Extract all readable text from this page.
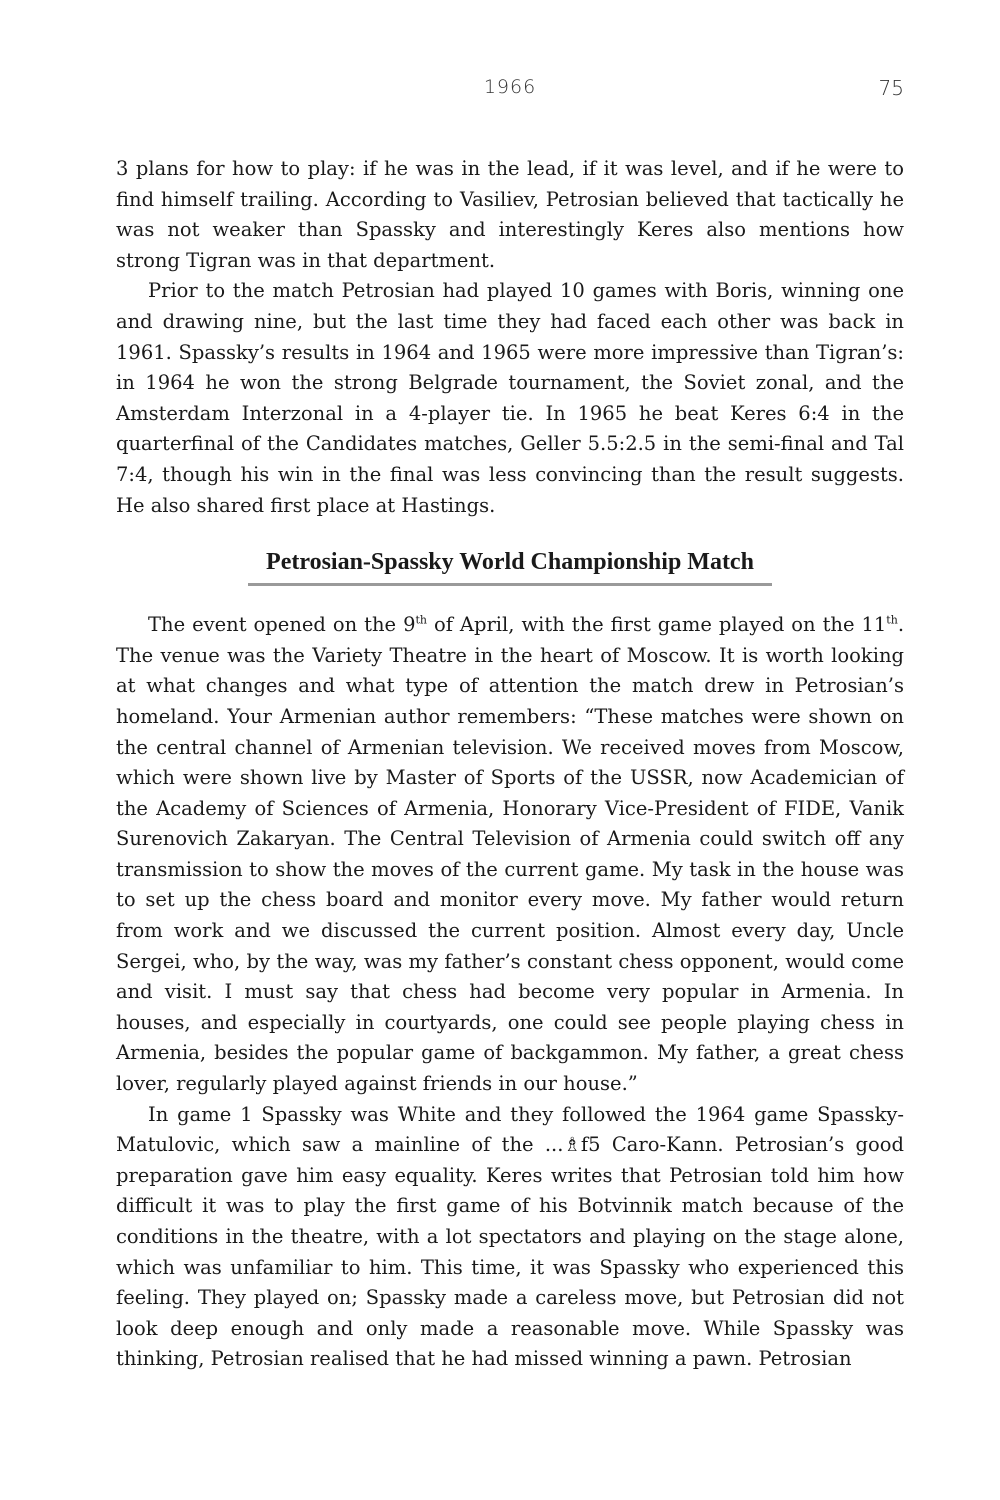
1966	75

3 plans for how to play: if he was in the lead, if it was level, and if he were to find himself trailing. According to Vasiliev, Petrosian believed that tactically he was not weaker than Spassky and interestingly Keres also mentions how strong Tigran was in that department.

Prior to the match Petrosian had played 10 games with Boris, winning one and drawing nine, but the last time they had faced each other was back in 1961. Spassky’s results in 1964 and 1965 were more impressive than Tigran’s: in 1964 he won the strong Belgrade tournament, the Soviet zonal, and the Amsterdam Interzonal in a 4-player tie. In 1965 he beat Keres 6:4 in the quarterfinal of the Candidates matches, Geller 5.5:2.5 in the semi-final and Tal 7:4, though his win in the final was less convincing than the result suggests. He also shared first place at Hastings.

Petrosian-Spassky World Championship Match

The event opened on the 9th of April, with the first game played on the 11th. The venue was the Variety Theatre in the heart of Moscow. It is worth looking at what changes and what type of attention the match drew in Petrosian’s homeland. Your Armenian author remembers: “These matches were shown on the central channel of Armenian television. We received moves from Moscow, which were shown live by Master of Sports of the USSR, now Academician of the Academy of Sciences of Armenia, Honorary Vice-President of FIDE, Vanik Surenovich Zakaryan. The Central Television of Armenia could switch off any transmission to show the moves of the current game. My task in the house was to set up the chess board and monitor every move. My father would return from work and we discussed the current position. Almost every day, Uncle Sergei, who, by the way, was my father’s constant chess opponent, would come and visit. I must say that chess had become very popular in Armenia. In houses, and especially in courtyards, one could see people playing chess in Armenia, besides the popular game of backgammon. My father, a great chess lover, regularly played against friends in our house.”

In game 1 Spassky was White and they followed the 1964 game Spassky-Matulovic, which saw a mainline of the ...♗f5 Caro-Kann. Petrosian’s good preparation gave him easy equality. Keres writes that Petrosian told him how difficult it was to play the first game of his Botvinnik match because of the conditions in the theatre, with a lot spectators and playing on the stage alone, which was unfamiliar to him. This time, it was Spassky who experienced this feeling. They played on; Spassky made a careless move, but Petrosian did not look deep enough and only made a reasonable move. While Spassky was thinking, Petrosian realised that he had missed winning a pawn. Petrosian
